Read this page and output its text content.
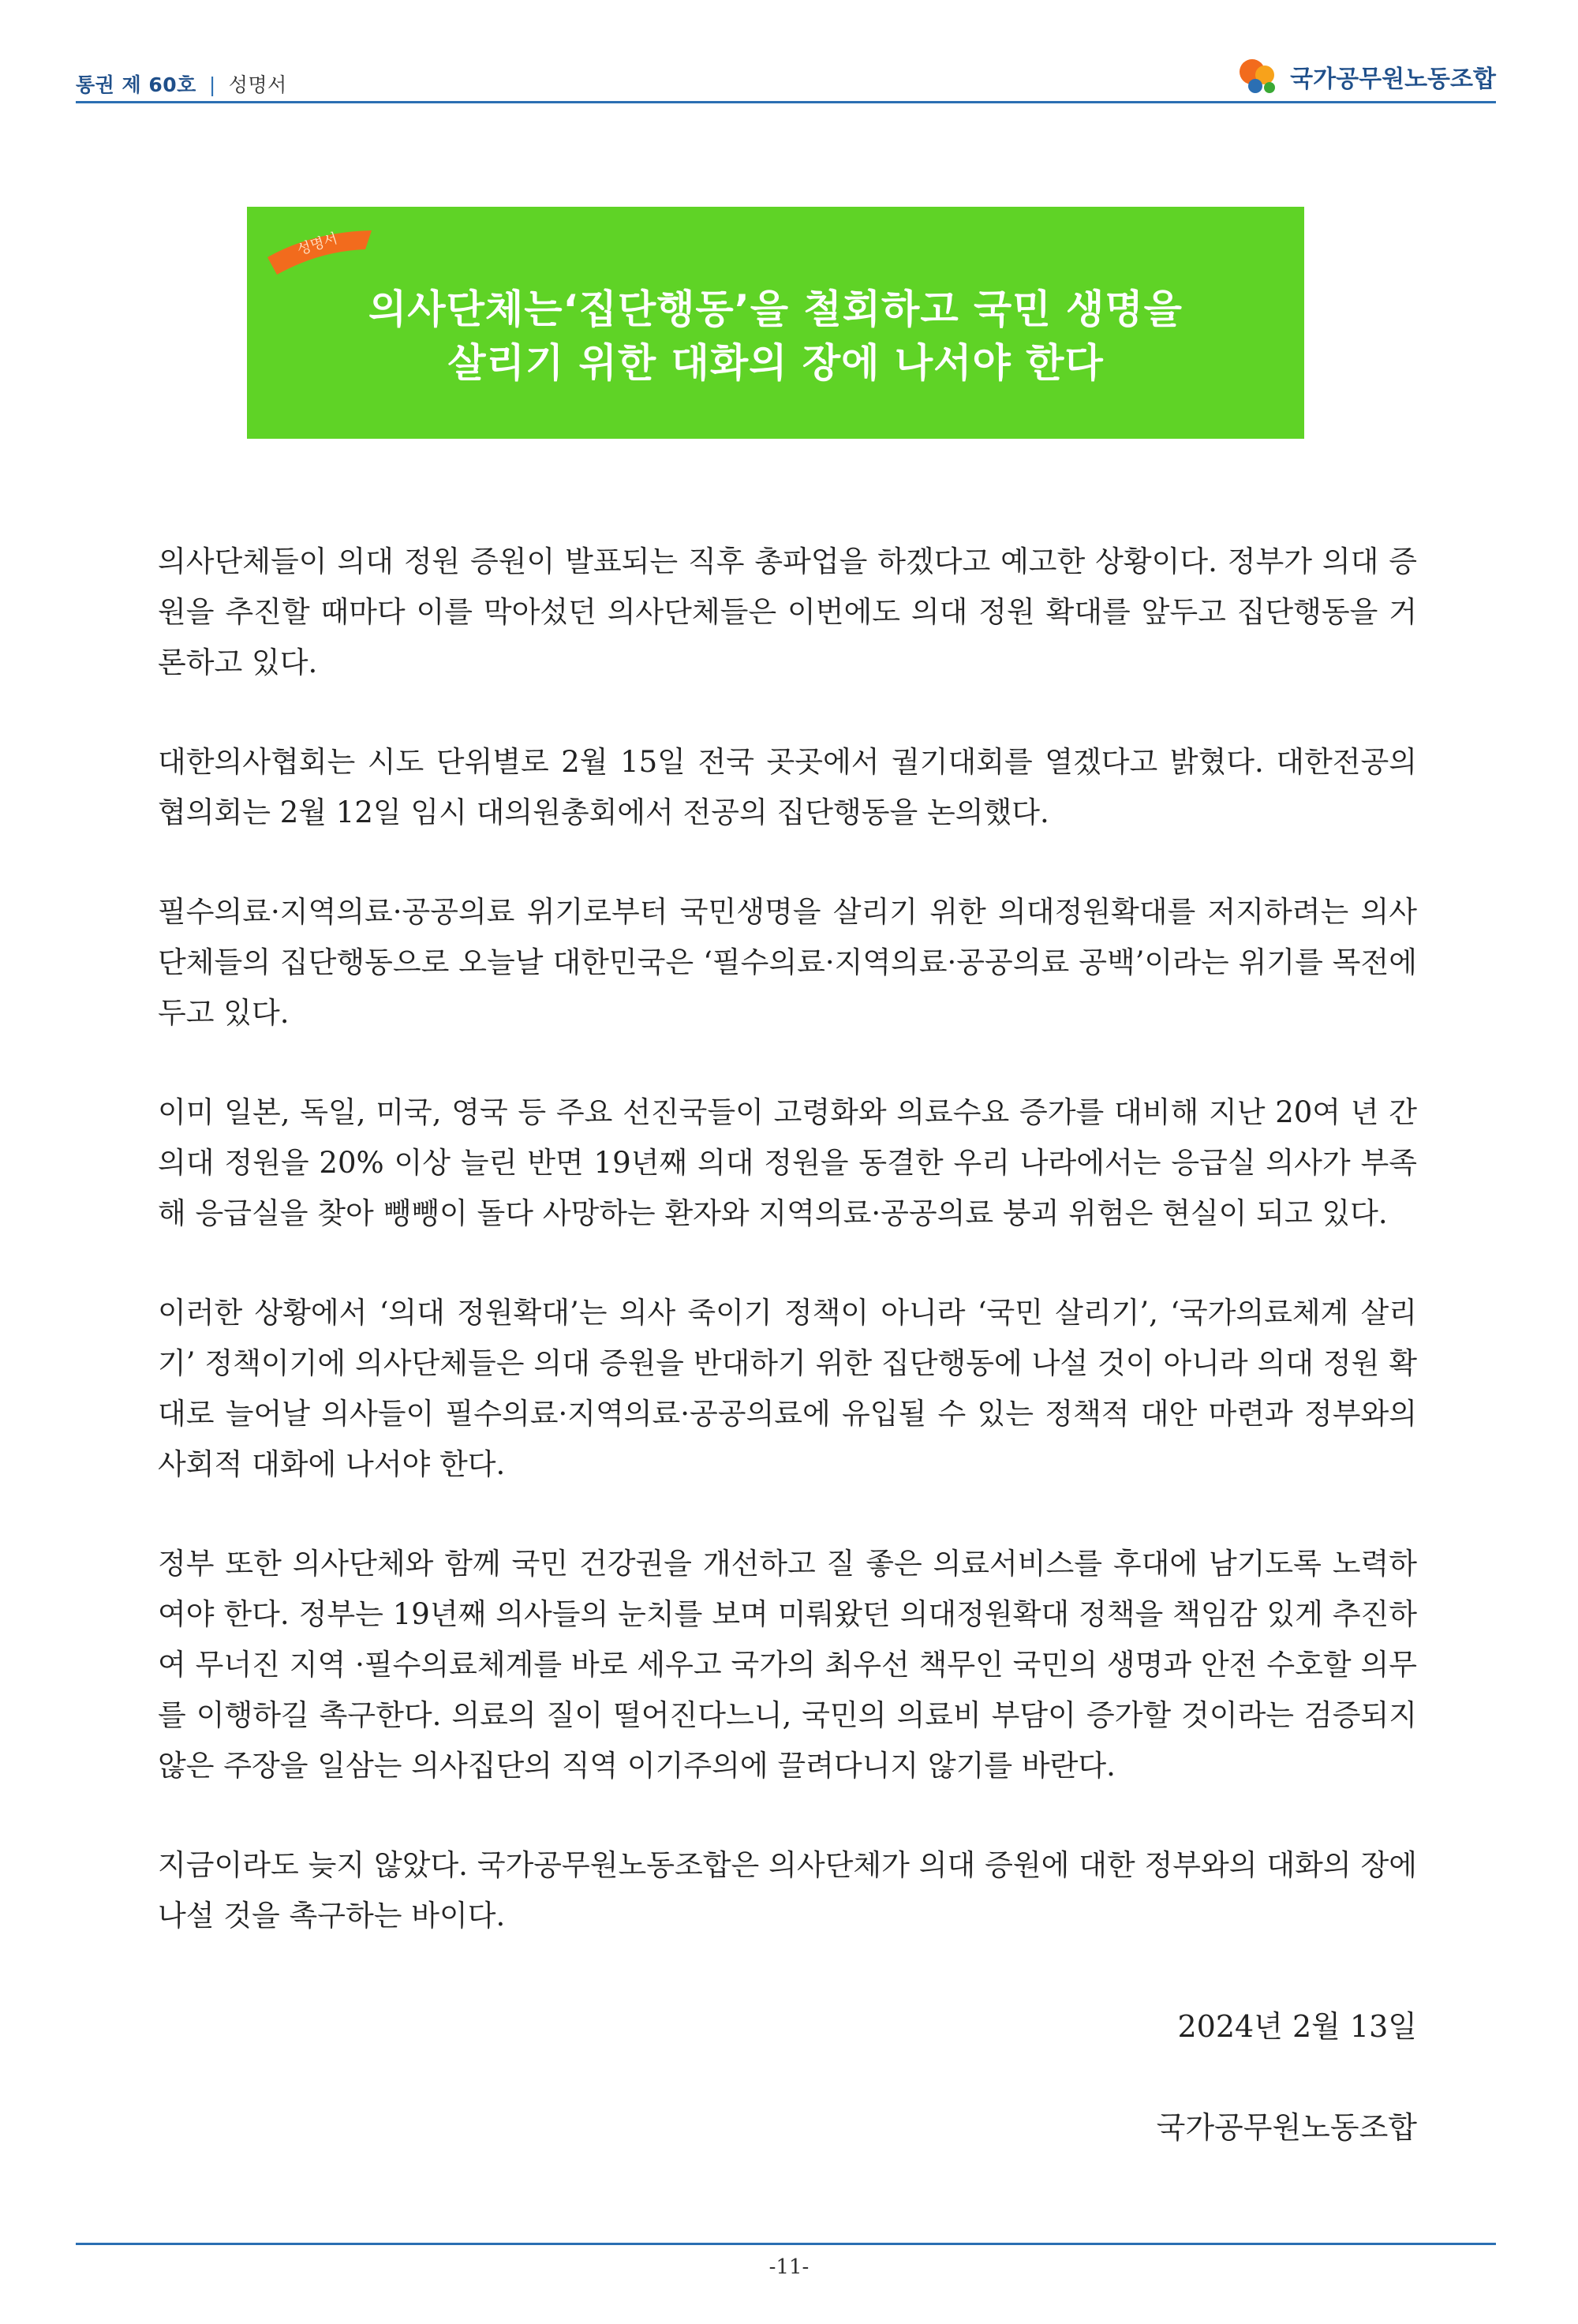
통권 제 60호 | 성명서	국가공무원노동조합
성명서
의사단체는‘집단행동’을 철회하고 국민 생명을
살리기 위한 대화의 장에 나서야 한다

의사단체들이 의대 정원 증원이 발표되는 직후 총파업을 하겠다고 예고한 상황이다. 정부가 의대 증원을 추진할 때마다 이를 막아섰던 의사단체들은 이번에도 의대 정원 확대를 앞두고 집단행동을 거론하고 있다.

대한의사협회는 시도 단위별로 2월 15일 전국 곳곳에서 궐기대회를 열겠다고 밝혔다. 대한전공의 협의회는 2월 12일 임시 대의원총회에서 전공의 집단행동을 논의했다.

필수의료·지역의료·공공의료 위기로부터 국민생명을 살리기 위한 의대정원확대를 저지하려는 의사단체들의 집단행동으로 오늘날 대한민국은 ‘필수의료·지역의료·공공의료 공백’이라는 위기를 목전에 두고 있다.

이미 일본, 독일, 미국, 영국 등 주요 선진국들이 고령화와 의료수요 증가를 대비해 지난 20여 년 간 의대 정원을 20% 이상 늘린 반면 19년째 의대 정원을 동결한 우리 나라에서는 응급실 의사가 부족해 응급실을 찾아 뺑뺑이 돌다 사망하는 환자와 지역의료·공공의료 붕괴 위험은 현실이 되고 있다.

이러한 상황에서 ‘의대 정원확대’는 의사 죽이기 정책이 아니라 ‘국민 살리기’, ‘국가의료체계 살리기’ 정책이기에 의사단체들은 의대 증원을 반대하기 위한 집단행동에 나설 것이 아니라 의대 정원 확대로 늘어날 의사들이 필수의료·지역의료·공공의료에 유입될 수 있는 정책적 대안 마련과 정부와의 사회적 대화에 나서야 한다.

정부 또한 의사단체와 함께 국민 건강권을 개선하고 질 좋은 의료서비스를 후대에 남기도록 노력하여야 한다. 정부는 19년째 의사들의 눈치를 보며 미뤄왔던 의대정원확대 정책을 책임감 있게 추진하여 무너진 지역 ·필수의료체계를 바로 세우고 국가의 최우선 책무인 국민의 생명과 안전 수호할 의무를 이행하길 촉구한다. 의료의 질이 떨어진다느니, 국민의 의료비 부담이 증가할 것이라는 검증되지 않은 주장을 일삼는 의사집단의 직역 이기주의에 끌려다니지 않기를 바란다.

지금이라도 늦지 않았다. 국가공무원노동조합은 의사단체가 의대 증원에 대한 정부와의 대화의 장에 나설 것을 촉구하는 바이다.

2024년 2월 13일
국가공무원노동조합
-11-
